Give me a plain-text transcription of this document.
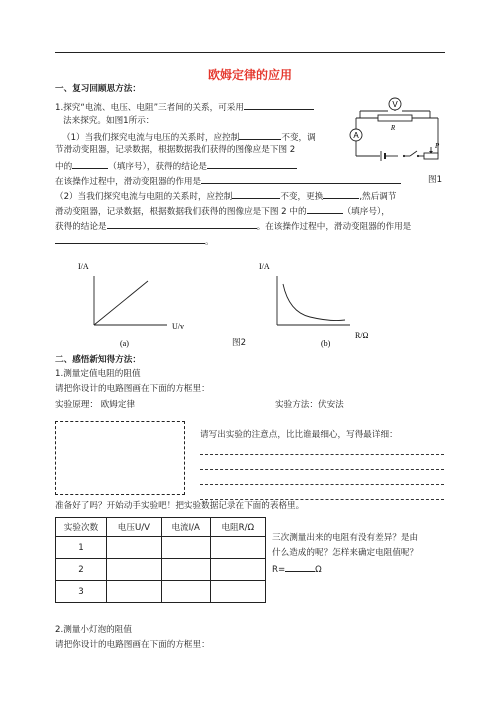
欧姆定律的应用
一、复习回顾思方法：
1.探究“电流、电压、电阻”三者间的关系，可采用
法来探究。如图1所示：
（1）当我们探究电流与电压的关系时，应控制	不变，调
节滑动变阻器，记录数据，根据数据我们获得的图像应是下图 2
中的	（填序号），获得的结论是
在该操作过程中，滑动变阻器的作用是	图1
（2）当我们探究电流与电阻的关系时，应控制	不变，更换	,然后调节
滑动变阻器，记录数据，根据数据我们获得的图像应是下图 2 中的	（填序号），
获得的结论是	。在该操作过程中，滑动变阻器的作用是
。
V
R
A
P
I/A
U/v
(a)
I/A
R/Ω
(b)
图2
二、感悟新知得方法：
1.测量定值电阻的阻值
请把你设计的电路图画在下面的方框里：
实验原理： 欧姆定律	实验方法：伏安法
请写出实验的注意点，比比谁最细心，写得最详细：
准备好了吗？开始动手实验吧！把实验数据记录在下面的表格里。
实验次数	电压U/V	电流I/A	电阻R/Ω
1			
2			
3			
三次测量出来的电阻有没有差异？是由
什么造成的呢？怎样来确定电阻值呢？
R=	Ω
2.测量小灯泡的阻值
请把你设计的电路图画在下面的方框里：
